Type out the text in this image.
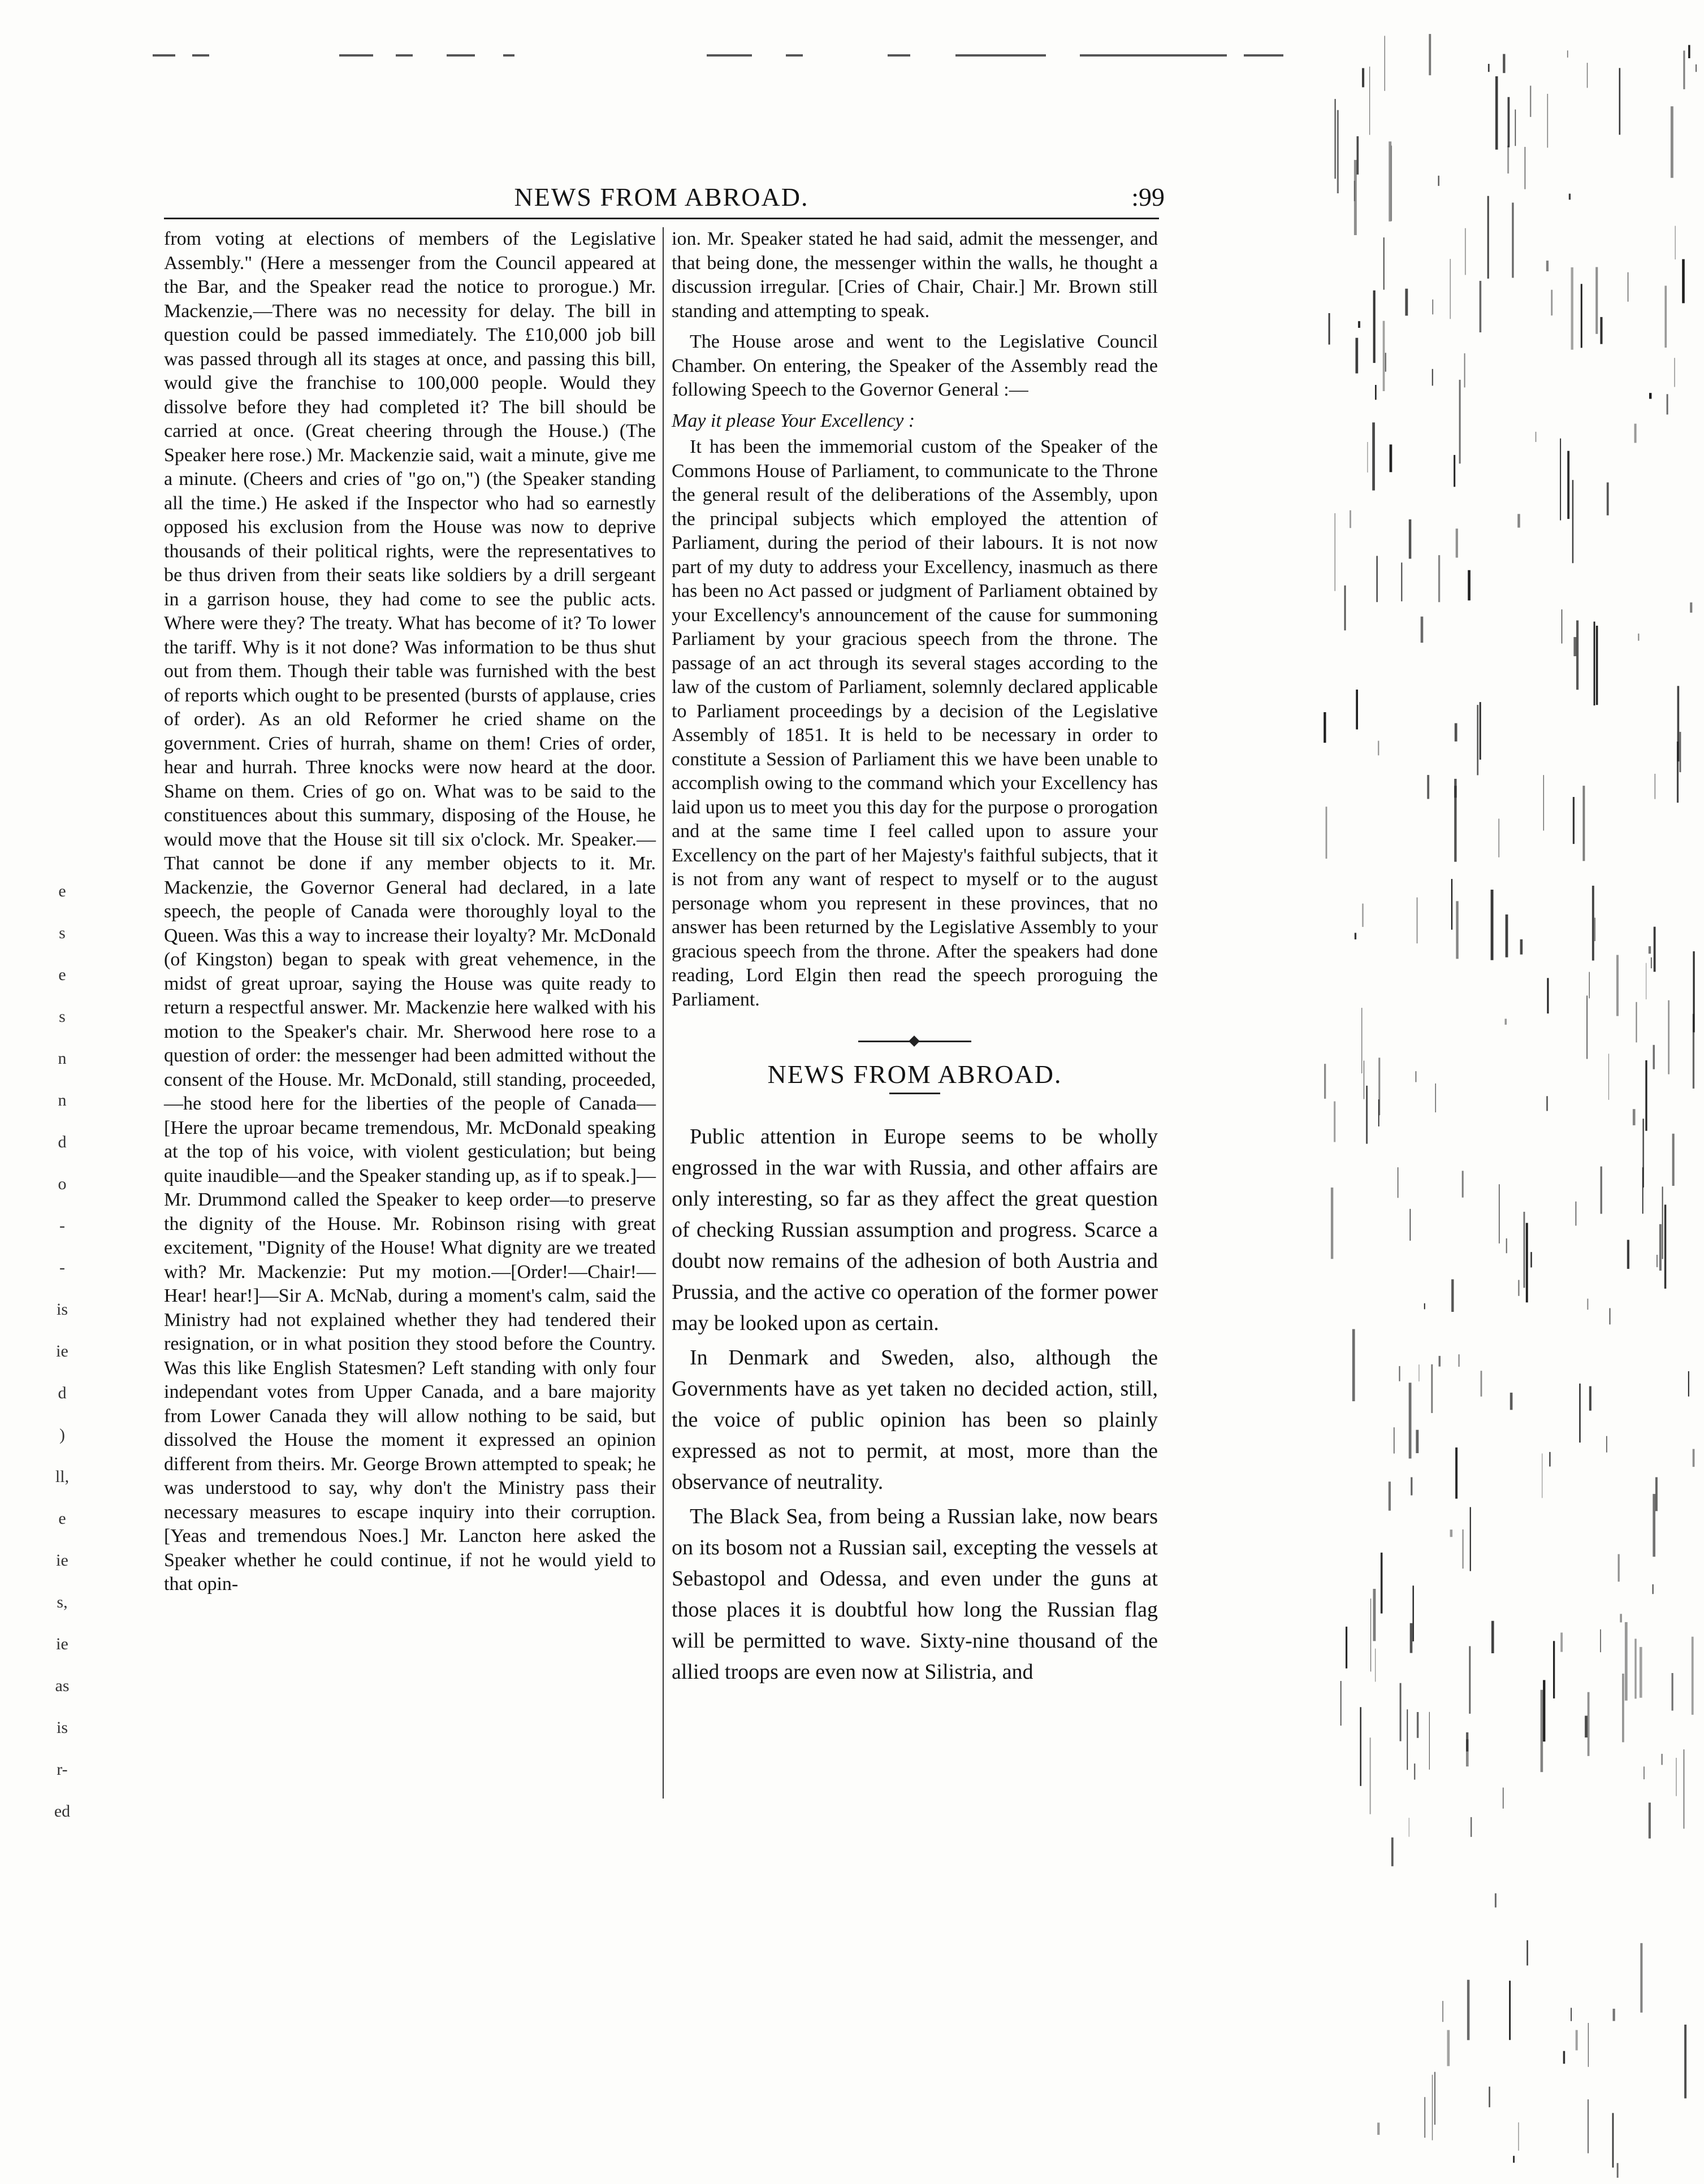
NEWS FROM ABROAD.	:99
e
s
e
s
n
n
d
o
-
-
is
ie
d
)
ll,
e
ie
s,
ie
as
is
r-
ed

from voting at elections of members of the Legislative Assembly." (Here a messenger from the Council appeared at the Bar, and the Speaker read the notice to prorogue.) Mr. Mackenzie,—There was no necessity for delay. The bill in question could be passed immediately. The £10,000 job bill was passed through all its stages at once, and passing this bill, would give the franchise to 100,000 people. Would they dissolve before they had completed it? The bill should be carried at once. (Great cheering through the House.) (The Speaker here rose.) Mr. Mackenzie said, wait a minute, give me a minute. (Cheers and cries of "go on,") (the Speaker standing all the time.) He asked if the Inspector who had so earnestly opposed his exclusion from the House was now to deprive thousands of their political rights, were the representatives to be thus driven from their seats like soldiers by a drill sergeant in a garrison house, they had come to see the public acts. Where were they? The treaty. What has become of it? To lower the tariff. Why is it not done? Was information to be thus shut out from them. Though their table was furnished with the best of reports which ought to be presented (bursts of applause, cries of order). As an old Reformer he cried shame on the government. Cries of hurrah, shame on them! Cries of order, hear and hurrah. Three knocks were now heard at the door. Shame on them. Cries of go on. What was to be said to the constituences about this summary, disposing of the House, he would move that the House sit till six o'clock. Mr. Speaker.—That cannot be done if any member objects to it. Mr. Mackenzie, the Governor General had declared, in a late speech, the people of Canada were thoroughly loyal to the Queen. Was this a way to increase their loyalty? Mr. McDonald (of Kingston) began to speak with great vehemence, in the midst of great uproar, saying the House was quite ready to return a respectful answer. Mr. Mackenzie here walked with his motion to the Speaker's chair. Mr. Sherwood here rose to a question of order: the messenger had been admitted without the consent of the House. Mr. McDonald, still standing, proceeded,—he stood here for the liberties of the people of Canada—[Here the uproar became tremendous, Mr. McDonald speaking at the top of his voice, with violent gesticulation; but being quite inaudible—and the Speaker standing up, as if to speak.]—Mr. Drummond called the Speaker to keep order—to preserve the dignity of the House. Mr. Robinson rising with great excitement, "Dignity of the House! What dignity are we treated with? Mr. Mackenzie: Put my motion.—[Order!—Chair!—Hear! hear!]—Sir A. McNab, during a moment's calm, said the Ministry had not explained whether they had tendered their resignation, or in what position they stood before the Country. Was this like English Statesmen? Left standing with only four independant votes from Upper Canada, and a bare majority from Lower Canada they will allow nothing to be said, but dissolved the House the moment it expressed an opinion different from theirs. Mr. George Brown attempted to speak; he was understood to say, why don't the Ministry pass their necessary measures to escape inquiry into their corruption. [Yeas and tremendous Noes.] Mr. Lancton here asked the Speaker whether he could continue, if not he would yield to that opin-

ion. Mr. Speaker stated he had said, admit the messenger, and that being done, the messenger within the walls, he thought a discussion irregular. [Cries of Chair, Chair.] Mr. Brown still standing and attempting to speak.

The House arose and went to the Legislative Council Chamber. On entering, the Speaker of the Assembly read the following Speech to the Governor General :—

May it please Your Excellency :

It has been the immemorial custom of the Speaker of the Commons House of Parliament, to communicate to the Throne the general result of the deliberations of the Assembly, upon the principal subjects which employed the attention of Parliament, during the period of their labours. It is not now part of my duty to address your Excellency, inasmuch as there has been no Act passed or judgment of Parliament obtained by your Excellency's announcement of the cause for summoning Parliament by your gracious speech from the throne. The passage of an act through its several stages according to the law of the custom of Parliament, solemnly declared applicable to Parliament proceedings by a decision of the Legislative Assembly of 1851. It is held to be necessary in order to constitute a Session of Parliament this we have been unable to accomplish owing to the command which your Excellency has laid upon us to meet you this day for the purpose o prorogation and at the same time I feel called upon to assure your Excellency on the part of her Majesty's faithful subjects, that it is not from any want of respect to myself or to the august personage whom you represent in these provinces, that no answer has been returned by the Legislative Assembly to your gracious speech from the throne. After the speakers had done reading, Lord Elgin then read the speech proroguing the Parliament.

NEWS FROM ABROAD.

Public attention in Europe seems to be wholly engrossed in the war with Russia, and other affairs are only interesting, so far as they affect the great question of checking Russian assumption and progress. Scarce a doubt now remains of the adhesion of both Austria and Prussia, and the active co operation of the former power may be looked upon as certain.

In Denmark and Sweden, also, although the Governments have as yet taken no decided action, still, the voice of public opinion has been so plainly expressed as not to permit, at most, more than the observance of neutrality.

The Black Sea, from being a Russian lake, now bears on its bosom not a Russian sail, excepting the vessels at Sebastopol and Odessa, and even under the guns at those places it is doubtful how long the Russian flag will be permitted to wave. Sixty-nine thousand of the allied troops are even now at Silistria, and
